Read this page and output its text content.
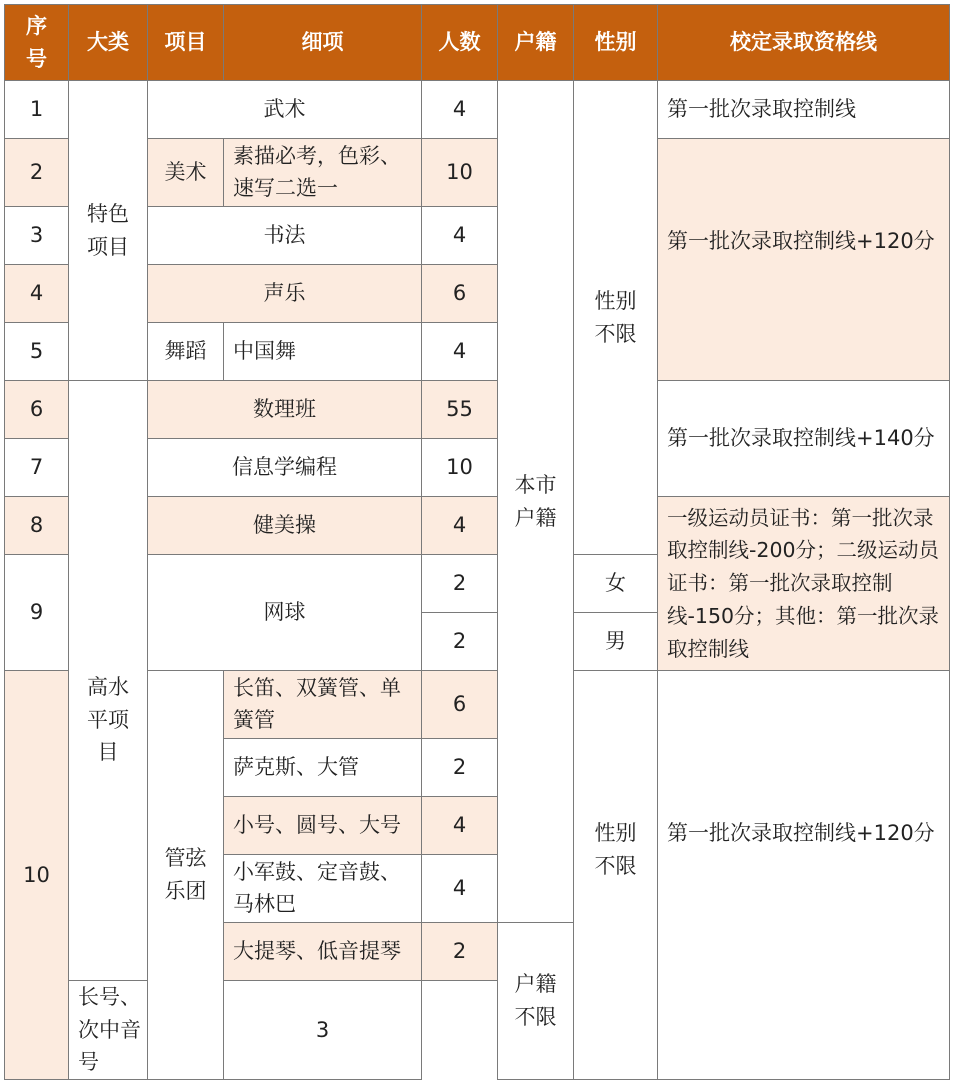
序号	大类	项目	细项	人数	户籍	性别	校定录取资格线
1	特色项目	武术		4	本市户籍	性别不限	第一批次录取控制线
2		美术	素描必考，色彩、速写二选一	10			第一批次录取控制线+120分
3		书法		4			
4		声乐		6			
5		舞蹈	中国舞	4			
6	高水平项目	数理班		55			第一批次录取控制线+140分
7		信息学编程		10			
8		健美操		4			一级运动员证书：第一批次录取控制线-200分；二级运动员证书：第一批次录取控制线-150分；其他：第一批次录取控制线
9		网球		2		女	
				2		男	
10		管弦乐团	长笛、双簧管、单簧管	6		性别不限	第一批次录取控制线+120分
			萨克斯、大管	2			
			小号、圆号、大号	4			
			小军鼓、定音鼓、马林巴	4			
			大提琴、低音提琴	2	户籍不限		
	长号、次中音号		3				
